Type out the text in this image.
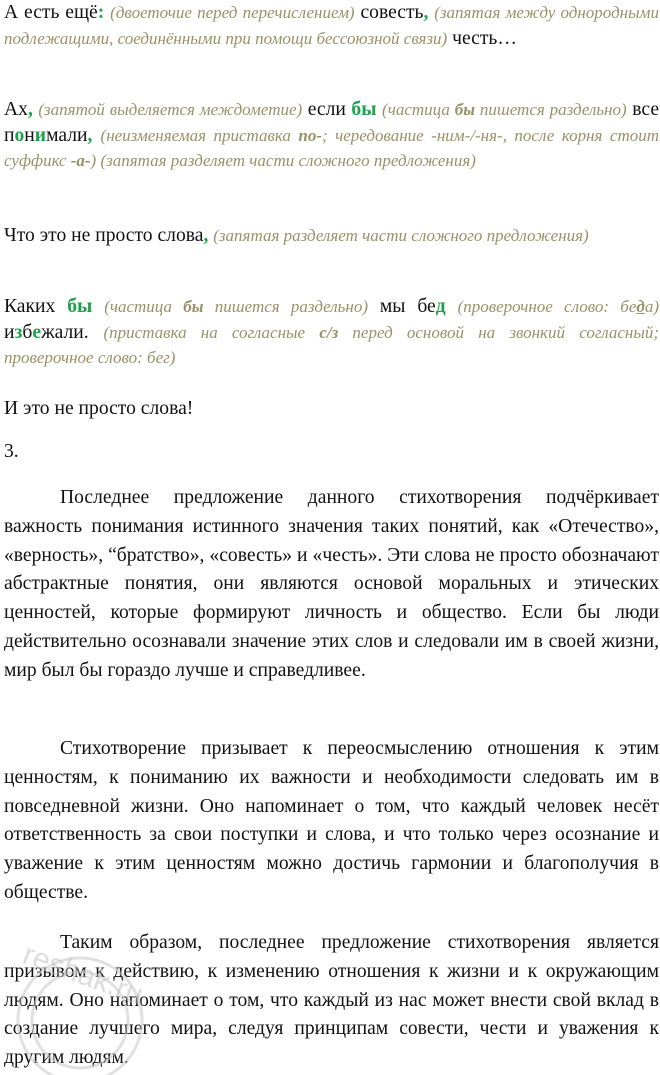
А есть ещё: (двоеточие перед перечислением) совесть, (запятая между однородными подлежащими, соединёнными при помощи бессоюзной связи) честь…

Ах, (запятой выделяется междометие) если бы (частица бы пишется раздельно) все понимали, (неизменяемая приставка по-; чередование -ним-/-ня-, после корня стоит суффикс -а-) (запятая разделяет части сложного предложения)

Что это не просто слова, (запятая разделяет части сложного предложения)

Каких бы (частица бы пишется раздельно) мы бед (проверочное слово: беда) избежали. (приставка на согласные с/з перед основой на звонкий согласный; проверочное слово: бег)

И это не просто слова!

3.

Последнее предложение данного стихотворения подчёркивает важность понимания истинного значения таких понятий, как «Отечество», «верность», “братство», «совесть» и «честь». Эти слова не просто обозначают абстрактные понятия, они являются основой моральных и этических ценностей, которые формируют личность и общество. Если бы люди действительно осознавали значение этих слов и следовали им в своей жизни, мир был бы гораздо лучше и справедливее.

Стихотворение призывает к переосмыслению отношения к этим ценностям, к пониманию их важности и необходимости следовать им в повседневной жизни. Оно напоминает о том, что каждый человек несёт ответственность за свои поступки и слова, и что только через осознание и уважение к этим ценностям можно достичь гармонии и благополучия в обществе.

Таким образом, последнее предложение стихотворения является призывом к действию, к изменению отношения к жизни и к окружающим людям. Оно напоминает о том, что каждый из нас может внести свой вклад в создание лучшего мира, следуя принципам совести, чести и уважения к другим людям.

reshak.ru
